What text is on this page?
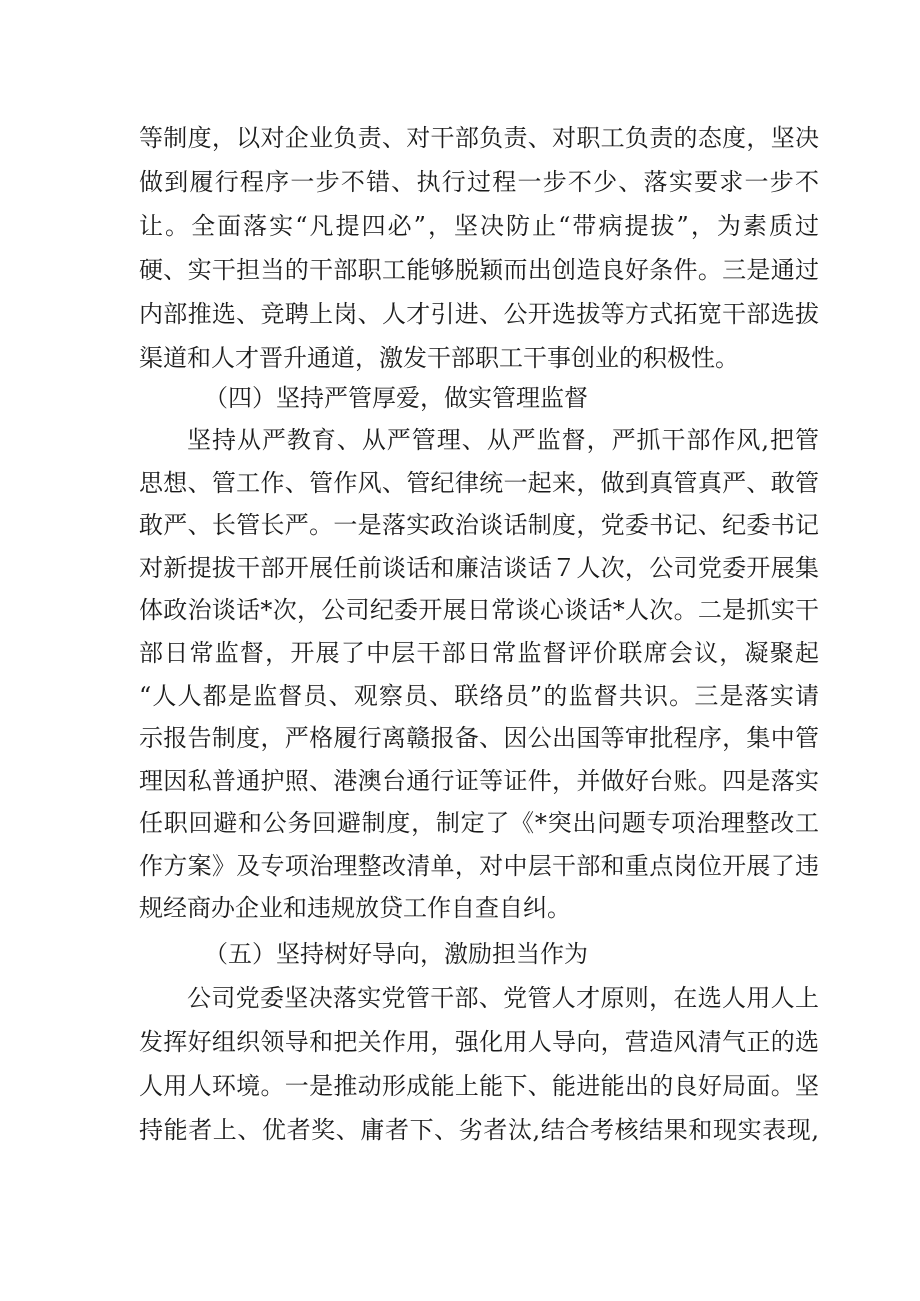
等制度，以对企业负责、对干部负责、对职工负责的态度，坚决
做到履行程序一步不错、执行过程一步不少、落实要求一步不
让。全面落实“凡提四必”，坚决防止“带病提拔”，为素质过
硬、实干担当的干部职工能够脱颖而出创造良好条件。三是通过
内部推选、竞聘上岗、人才引进、公开选拔等方式拓宽干部选拔
渠道和人才晋升通道，激发干部职工干事创业的积极性。
（四）坚持严管厚爱，做实管理监督
坚持从严教育、从严管理、从严监督，严抓干部作风,把管
思想、管工作、管作风、管纪律统一起来，做到真管真严、敢管
敢严、长管长严。一是落实政治谈话制度，党委书记、纪委书记
对新提拔干部开展任前谈话和廉洁谈话７人次，公司党委开展集
体政治谈话*次，公司纪委开展日常谈心谈话*人次。二是抓实干
部日常监督，开展了中层干部日常监督评价联席会议，凝聚起
“人人都是监督员、观察员、联络员”的监督共识。三是落实请
示报告制度，严格履行离赣报备、因公出国等审批程序，集中管
理因私普通护照、港澳台通行证等证件，并做好台账。四是落实
任职回避和公务回避制度，制定了《*突出问题专项治理整改工
作方案》及专项治理整改清单，对中层干部和重点岗位开展了违
规经商办企业和违规放贷工作自查自纠。
（五）坚持树好导向，激励担当作为
公司党委坚决落实党管干部、党管人才原则，在选人用人上
发挥好组织领导和把关作用，强化用人导向，营造风清气正的选
人用人环境。一是推动形成能上能下、能进能出的良好局面。坚
持能者上、优者奖、庸者下、劣者汰,结合考核结果和现实表现,
